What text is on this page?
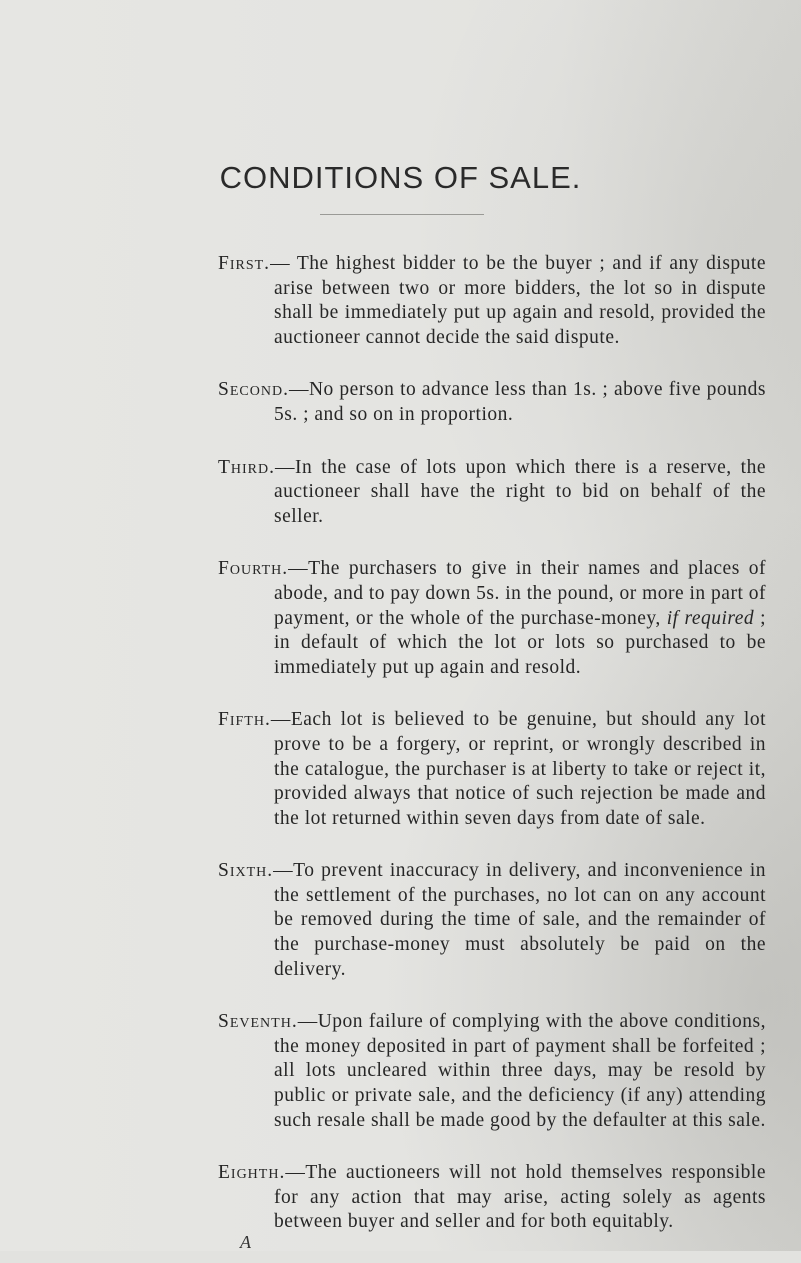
CONDITIONS OF SALE.

First.— The highest bidder to be the buyer ; and if any dispute arise between two or more bidders, the lot so in dispute shall be immediately put up again and resold, provided the auctioneer cannot decide the said dispute.

Second.—No person to advance less than 1s. ; above five pounds 5s. ; and so on in proportion.

Third.—In the case of lots upon which there is a reserve, the auctioneer shall have the right to bid on behalf of the seller.

Fourth.—The purchasers to give in their names and places of abode, and to pay down 5s. in the pound, or more in part of payment, or the whole of the purchase-money, if required ; in default of which the lot or lots so purchased to be immediately put up again and resold.

Fifth.—Each lot is believed to be genuine, but should any lot prove to be a forgery, or reprint, or wrongly described in the catalogue, the purchaser is at liberty to take or reject it, provided always that notice of such rejection be made and the lot returned within seven days from date of sale.

Sixth.—To prevent inaccuracy in delivery, and inconvenience in the settlement of the purchases, no lot can on any account be removed during the time of sale, and the remainder of the purchase-money must absolutely be paid on the delivery.

Seventh.—Upon failure of complying with the above conditions, the money deposited in part of payment shall be forfeited ; all lots uncleared within three days, may be resold by public or private sale, and the deficiency (if any) attending such resale shall be made good by the defaulter at this sale.

Eighth.—The auctioneers will not hold themselves responsible for any action that may arise, acting solely as agents between buyer and seller and for both equitably.

A
